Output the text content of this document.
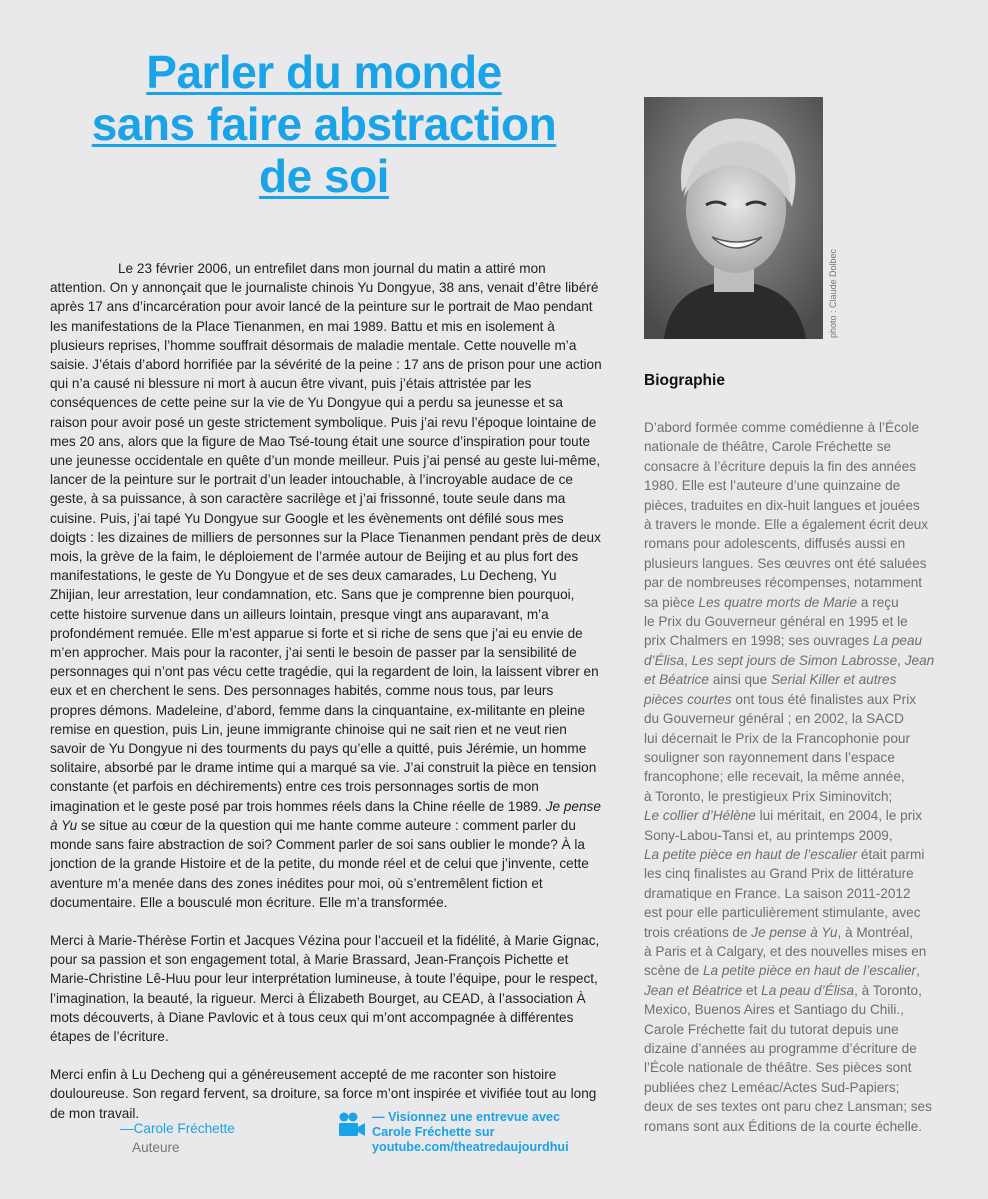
Parler du monde
sans faire abstraction
de soi

Le 23 février 2006, un entrefilet dans mon journal du matin a attiré mon attention. On y annonçait que le journaliste chinois Yu Dongyue, 38 ans, venait d’être libéré après 17 ans d’incarcération pour avoir lancé de la peinture sur le portrait de Mao pendant les manifestations de la Place Tienanmen, en mai 1989. Battu et mis en isolement à plusieurs reprises, l’homme souffrait désormais de maladie mentale. Cette nouvelle m’a saisie. J’étais d’abord horrifiée par la sévérité de la peine : 17 ans de prison pour une action qui n’a causé ni blessure ni mort à aucun être vivant, puis j’étais attristée par les conséquences de cette peine sur la vie de Yu Dongyue qui a perdu sa jeunesse et sa raison pour avoir posé un geste strictement symbolique. Puis j’ai revu l’époque lointaine de mes 20 ans, alors que la figure de Mao Tsé-toung était une source d’inspiration pour toute une jeunesse occidentale en quête d’un monde meilleur. Puis j’ai pensé au geste lui-même, lancer de la peinture sur le portrait d’un leader intouchable, à l’incroyable audace de ce geste, à sa puissance, à son caractère sacrilège et j’ai frissonné, toute seule dans ma cuisine. Puis, j’ai tapé Yu Dongyue sur Google et les évènements ont défilé sous mes doigts : les dizaines de milliers de personnes sur la Place Tienanmen pendant près de deux mois, la grève de la faim, le déploiement de l’armée autour de Beijing et au plus fort des manifestations, le geste de Yu Dongyue et de ses deux camarades, Lu Decheng, Yu Zhijian, leur arrestation, leur condamnation, etc. Sans que je comprenne bien pourquoi, cette histoire survenue dans un ailleurs lointain, presque vingt ans auparavant, m’a profondément remuée. Elle m’est apparue si forte et si riche de sens que j’ai eu envie de m’en approcher. Mais pour la raconter, j’ai senti le besoin de passer par la sensibilité de personnages qui n’ont pas vécu cette tragédie, qui la regardent de loin, la laissent vibrer en eux et en cherchent le sens. Des personnages habités, comme nous tous, par leurs propres démons. Madeleine, d’abord, femme dans la cinquantaine, ex-militante en pleine remise en question, puis Lin, jeune immigrante chinoise qui ne sait rien et ne veut rien savoir de Yu Dongyue ni des tourments du pays qu’elle a quitté, puis Jérémie, un homme solitaire, absorbé par le drame intime qui a marqué sa vie. J’ai construit la pièce en tension constante (et parfois en déchirements) entre ces trois personnages sortis de mon imagination et le geste posé par trois hommes réels dans la Chine réelle de 1989. Je pense à Yu se situe au cœur de la question qui me hante comme auteure : comment parler du monde sans faire abstraction de soi? Comment parler de soi sans oublier le monde? À la jonction de la grande Histoire et de la petite, du monde réel et de celui que j’invente, cette aventure m’a menée dans des zones inédites pour moi, où s’entremêlent fiction et documentaire. Elle a bousculé mon écriture. Elle m’a transformée.

Merci à Marie-Thérèse Fortin et Jacques Vézina pour l’accueil et la fidélité, à Marie Gignac, pour sa passion et son engagement total, à Marie Brassard, Jean-François Pichette et Marie-Christine Lê-Huu pour leur interprétation lumineuse, à toute l’équipe, pour le respect, l’imagination, la beauté, la rigueur. Merci à Élizabeth Bourget, au CEAD, à l’association À mots découverts, à Diane Pavlovic et à tous ceux qui m’ont accompagnée à différentes étapes de l’écriture.

Merci enfin à Lu Decheng qui a généreusement accepté de me raconter son histoire douloureuse. Son regard fervent, sa droiture, sa force m’ont inspirée et vivifiée tout au long de mon travail.

—Carole Fréchette
Auteure
— Visionnez une entrevue avec
Carole Fréchette sur
youtube.com/theatredaujourdhui
photo : Claude Dolbec
Biographie
D’abord formée comme comédienne à l’École
nationale de théâtre, Carole Fréchette se
consacre à l’écriture depuis la fin des années
1980. Elle est l’auteure d’une quinzaine de
pièces, traduites en dix-huit langues et jouées
à travers le monde. Elle a également écrit deux
romans pour adolescents, diffusés aussi en
plusieurs langues. Ses œuvres ont été saluées
par de nombreuses récompenses, notamment
sa pièce Les quatre morts de Marie a reçu
le Prix du Gouverneur général en 1995 et le
prix Chalmers en 1998; ses ouvrages La peau
d’Élisa, Les sept jours de Simon Labrosse, Jean
et Béatrice ainsi que Serial Killer et autres
pièces courtes ont tous été finalistes aux Prix
du Gouverneur général ; en 2002, la SACD
lui décernait le Prix de la Francophonie pour
souligner son rayonnement dans l’espace
francophone; elle recevait, la même année,
à Toronto, le prestigieux Prix Siminovitch;
Le collier d’Hélène lui méritait, en 2004, le prix
Sony-Labou-Tansi et, au printemps 2009,
La petite pièce en haut de l’escalier était parmi
les cinq finalistes au Grand Prix de littérature
dramatique en France. La saison 2011-2012
est pour elle particulièrement stimulante, avec
trois créations de Je pense à Yu, à Montréal,
à Paris et à Calgary, et des nouvelles mises en
scène de La petite pièce en haut de l’escalier,
Jean et Béatrice et La peau d’Élisa, à Toronto,
Mexico, Buenos Aires et Santiago du Chili.,
Carole Fréchette fait du tutorat depuis une
dizaine d’années au programme d’écriture de
l’École nationale de théâtre. Ses pièces sont
publiées chez Leméac/Actes Sud-Papiers;
deux de ses textes ont paru chez Lansman; ses
romans sont aux Éditions de la courte échelle.
